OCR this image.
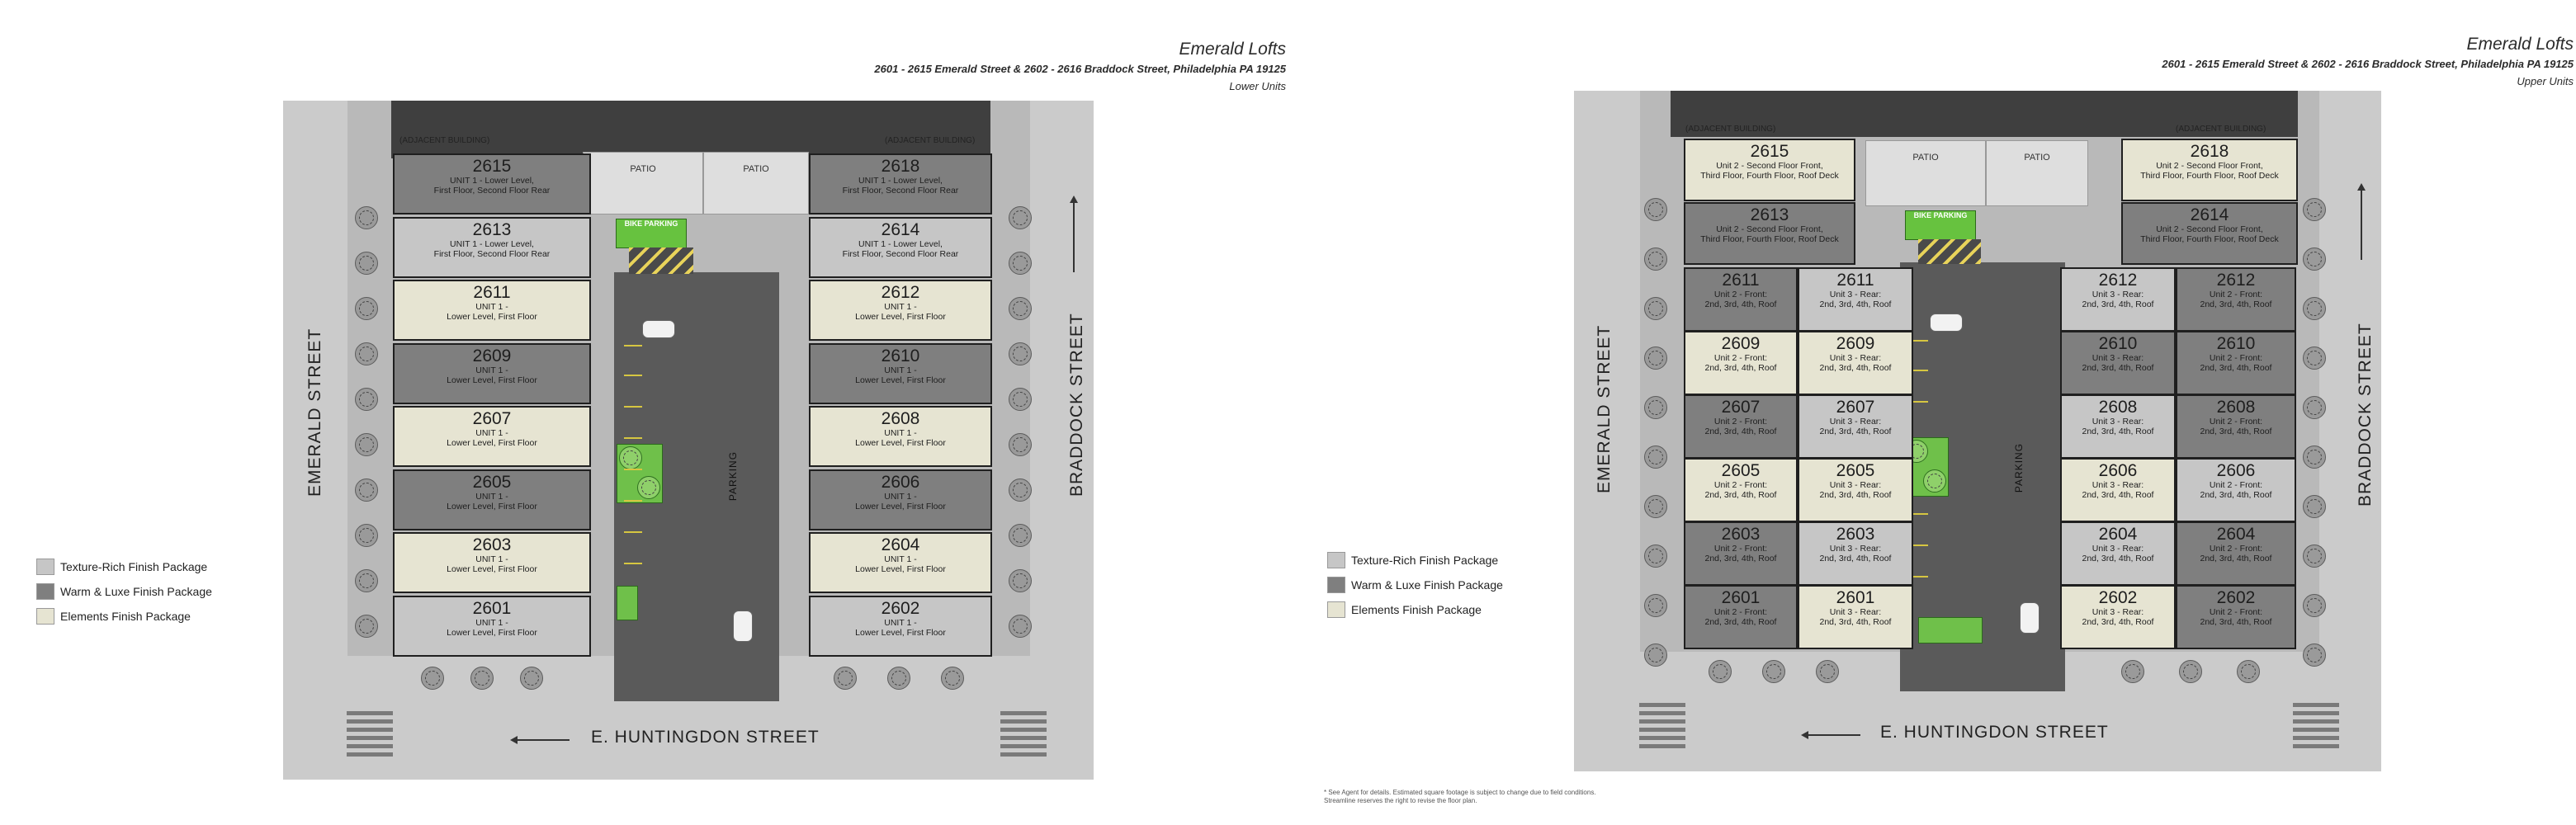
Emerald Lofts
2601 - 2615 Emerald Street & 2602 - 2616 Braddock Street, Philadelphia PA 19125
Lower Units
EMERALD STREET	BRADDOCK STREET
E. HUNTINGDON STREET
(ADJACENT BUILDING)	(ADJACENT BUILDING)
PATIO	PATIO
BIKE PARKING
PARKING
Texture-Rich Finish Package
Warm & Luxe Finish Package
Elements Finish Package
2615
UNIT 1 - Lower Level,
First Floor, Second Floor Rear
2613
UNIT 1 - Lower Level,
First Floor, Second Floor Rear
2611
UNIT 1 -
Lower Level, First Floor
2609
UNIT 1 -
Lower Level, First Floor
2607
UNIT 1 -
Lower Level, First Floor
2605
UNIT 1 -
Lower Level, First Floor
2603
UNIT 1 -
Lower Level, First Floor
2601
UNIT 1 -
Lower Level, First Floor
2618
UNIT 1 - Lower Level,
First Floor, Second Floor Rear
2614
UNIT 1 - Lower Level,
First Floor, Second Floor Rear
2612
UNIT 1 -
Lower Level, First Floor
2610
UNIT 1 -
Lower Level, First Floor
2608
UNIT 1 -
Lower Level, First Floor
2606
UNIT 1 -
Lower Level, First Floor
2604
UNIT 1 -
Lower Level, First Floor
2602
UNIT 1 -
Lower Level, First Floor
Emerald Lofts
2601 - 2615 Emerald Street & 2602 - 2616 Braddock Street, Philadelphia PA 19125
Upper Units
EMERALD STREET	BRADDOCK STREET
E. HUNTINGDON STREET
(ADJACENT BUILDING)	(ADJACENT BUILDING)
PATIO	PATIO
BIKE PARKING
PARKING
Texture-Rich Finish Package
Warm & Luxe Finish Package
Elements Finish Package
* See Agent for details. Estimated square footage is subject to change due to field conditions.
Streamline reserves the right to revise the floor plan.
2615
Unit 2 - Second Floor Front,
Third Floor, Fourth Floor, Roof Deck
2613
Unit 2 - Second Floor Front,
Third Floor, Fourth Floor, Roof Deck
2618
Unit 2 - Second Floor Front,
Third Floor, Fourth Floor, Roof Deck
2614
Unit 2 - Second Floor Front,
Third Floor, Fourth Floor, Roof Deck
2611
Unit 2 - Front:
2nd, 3rd, 4th, Roof
2609
Unit 2 - Front:
2nd, 3rd, 4th, Roof
2607
Unit 2 - Front:
2nd, 3rd, 4th, Roof
2605
Unit 2 - Front:
2nd, 3rd, 4th, Roof
2603
Unit 2 - Front:
2nd, 3rd, 4th, Roof
2601
Unit 2 - Front:
2nd, 3rd, 4th, Roof
2611
Unit 3 - Rear:
2nd, 3rd, 4th, Roof
2609
Unit 3 - Rear:
2nd, 3rd, 4th, Roof
2607
Unit 3 - Rear:
2nd, 3rd, 4th, Roof
2605
Unit 3 - Rear:
2nd, 3rd, 4th, Roof
2603
Unit 3 - Rear:
2nd, 3rd, 4th, Roof
2601
Unit 3 - Rear:
2nd, 3rd, 4th, Roof
2612
Unit 3 - Rear:
2nd, 3rd, 4th, Roof
2610
Unit 3 - Rear:
2nd, 3rd, 4th, Roof
2608
Unit 3 - Rear:
2nd, 3rd, 4th, Roof
2606
Unit 3 - Rear:
2nd, 3rd, 4th, Roof
2604
Unit 3 - Rear:
2nd, 3rd, 4th, Roof
2602
Unit 3 - Rear:
2nd, 3rd, 4th, Roof
2612
Unit 2 - Front:
2nd, 3rd, 4th, Roof
2610
Unit 2 - Front:
2nd, 3rd, 4th, Roof
2608
Unit 2 - Front:
2nd, 3rd, 4th, Roof
2606
Unit 2 - Front:
2nd, 3rd, 4th, Roof
2604
Unit 2 - Front:
2nd, 3rd, 4th, Roof
2602
Unit 2 - Front:
2nd, 3rd, 4th, Roof
